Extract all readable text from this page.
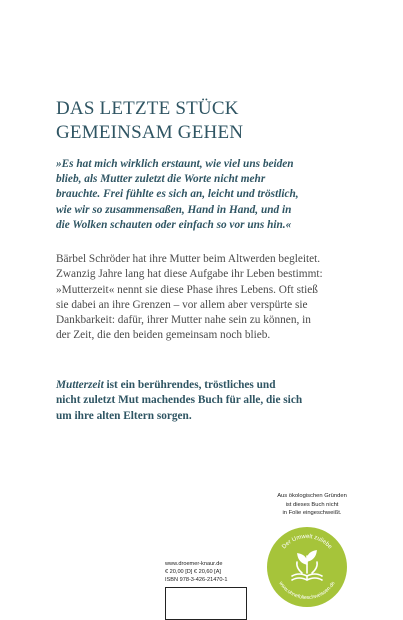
DAS LETZTE STÜCK
GEMEINSAM GEHEN
»Es hat mich wirklich erstaunt, wie viel uns beiden
blieb, als Mutter zuletzt die Worte nicht mehr
brauchte. Frei fühlte es sich an, leicht und tröstlich,
wie wir so zusammensaßen, Hand in Hand, und in
die Wolken schauten oder einfach so vor uns hin.«
Bärbel Schröder hat ihre Mutter beim Altwerden begleitet.
Zwanzig Jahre lang hat diese Aufgabe ihr Leben bestimmt:
»Mutterzeit« nennt sie diese Phase ihres Lebens. Oft stieß
sie dabei an ihre Grenzen – vor allem aber verspürte sie
Dankbarkeit: dafür, ihrer Mutter nahe sein zu können, in
der Zeit, die den beiden gemeinsam noch blieb.
Mutterzeit ist ein berührendes, tröstliches und
nicht zuletzt Mut machendes Buch für alle, die sich
um ihre alten Eltern sorgen.
Aus ökologischen Gründen
ist dieses Buch nicht
in Folie eingeschweißt.
Der Umwelt zuliebe
www.ohnefolieschweissen.de
www.droemer-knaur.de
€ 20,00 [D] € 20,60 [A]
ISBN 978-3-426-21470-1
